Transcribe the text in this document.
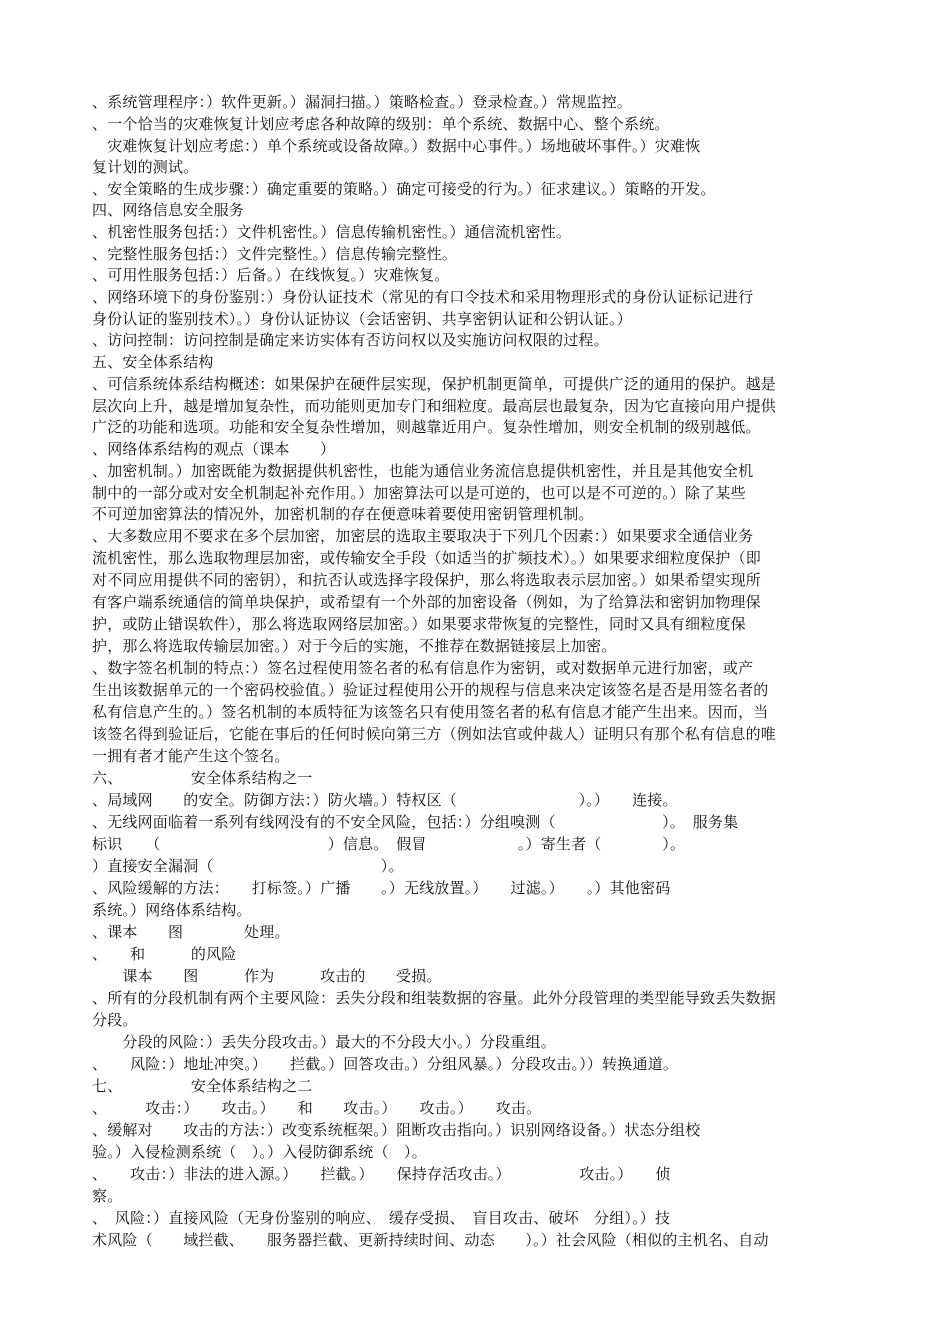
、系统管理程序：）软件更新。）漏洞扫描。）策略检查。）登录检查。）常规监控。
、一个恰当的灾难恢复计划应考虑各种故障的级别：单个系统、数据中心、整个系统。
　灾难恢复计划应考虑：）单个系统或设备故障。）数据中心事件。）场地破坏事件。）灾难恢
复计划的测试。
、安全策略的生成步骤：）确定重要的策略。）确定可接受的行为。）征求建议。）策略的开发。
四、网络信息安全服务
、机密性服务包括：）文件机密性。）信息传输机密性。）通信流机密性。
、完整性服务包括：）文件完整性。）信息传输完整性。
、可用性服务包括：）后备。）在线恢复。）灾难恢复。
、网络环境下的身份鉴别：）身份认证技术（常见的有口令技术和采用物理形式的身份认证标记进行
身份认证的鉴别技术）。）身份认证协议（会话密钥、共享密钥认证和公钥认证。）
、访问控制：访问控制是确定来访实体有否访问权以及实施访问权限的过程。
五、安全体系结构
、可信系统体系结构概述：如果保护在硬件层实现，保护机制更简单，可提供广泛的通用的保护。越是
层次向上升，越是增加复杂性，而功能则更加专门和细粒度。最高层也最复杂，因为它直接向用户提供
广泛的功能和选项。功能和安全复杂性增加，则越靠近用户。复杂性增加，则安全机制的级别越低。
、网络体系结构的观点（课本　　）
、加密机制。）加密既能为数据提供机密性，也能为通信业务流信息提供机密性，并且是其他安全机
制中的一部分或对安全机制起补充作用。）加密算法可以是可逆的，也可以是不可逆的。）除了某些
不可逆加密算法的情况外，加密机制的存在便意味着要使用密钥管理机制。
、大多数应用不要求在多个层加密，加密层的选取主要取决于下列几个因素：）如果要求全通信业务
流机密性，那么选取物理层加密，或传输安全手段（如适当的扩频技术）。）如果要求细粒度保护（即
对不同应用提供不同的密钥），和抗否认或选择字段保护，那么将选取表示层加密。）如果希望实现所
有客户端系统通信的简单块保护，或希望有一个外部的加密设备（例如，为了给算法和密钥加物理保
护，或防止错误软件），那么将选取网络层加密。）如果要求带恢复的完整性，同时又具有细粒度保
护，那么将选取传输层加密。）对于今后的实施，不推荐在数据链接层上加密。
、数字签名机制的特点：）签名过程使用签名者的私有信息作为密钥，或对数据单元进行加密，或产
生出该数据单元的一个密码校验值。）验证过程使用公开的规程与信息来决定该签名是否是用签名者的
私有信息产生的。）签名机制的本质特征为该签名只有使用签名者的私有信息才能产生出来。因而，当
该签名得到验证后，它能在事后的任何时候向第三方（例如法官或仲裁人）证明只有那个私有信息的唯
一拥有者才能产生这个签名。
六、　　　　　安全体系结构之一
、局域网　　的安全。防御方法：）防火墙。）特权区（　　　　　　　　）。）　　连接。
、无线网面临着一系列有线网没有的不安全风险，包括：）分组嗅测（　　　　　　　）。　服务集
标识　　（　　　　　　　　　　　）信息。　假冒　　　　　　。）寄生者（　　　　）。
）直接安全漏洞（　　　　　　　　　　　）。
、风险缓解的方法：　　打标签。）广播　　。）无线放置。）　　过滤。）　　。）其他密码
系统。）网络体系结构。
、课本　　图　　　　处理。
、　　和　　　的风险
　　课本　　图　　　作为　　　攻击的　　受损。
、所有的分段机制有两个主要风险：丢失分段和组装数据的容量。此外分段管理的类型能导致丢失数据
分段。
　　分段的风险：）丢失分段攻击。）最大的不分段大小。）分段重组。
、　　风险：）地址冲突。）　　拦截。）回答攻击。）分组风暴。）分段攻击。））转换通道。
七、　　　　　安全体系结构之二
、　　　攻击：）　　攻击。）　　和　　攻击。）　　攻击。）　　攻击。
、缓解对　　攻击的方法：）改变系统框架。）阻断攻击指向。）识别网络设备。）状态分组校
验。）入侵检测系统（　）。）入侵防御系统（　）。
、　　攻击：）非法的进入源。）　　拦截。）　　保持存活攻击。）　　　　　攻击。）　　侦
察。
、　风险：）直接风险（无身份鉴别的响应、　缓存受损、　盲目攻击、破坏　分组）。）技
术风险（　　域拦截、　　服务器拦截、更新持续时间、动态　　）。）社会风险（相似的主机名、自动
